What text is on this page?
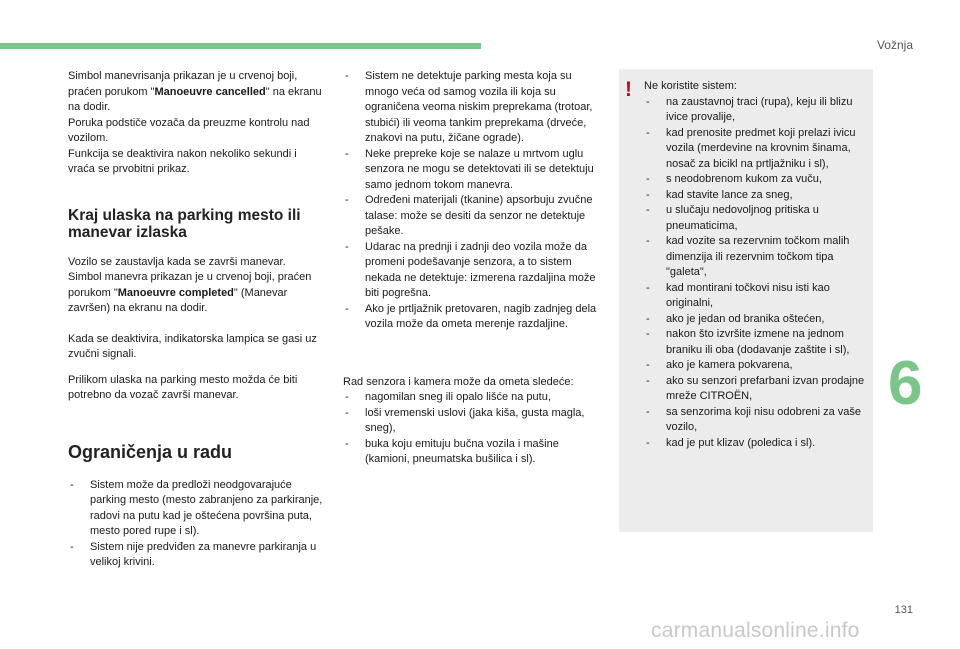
Vožnja
6

Simbol manevrisanja prikazan je u crvenoj boji, praćen porukom "Manoeuvre cancelled" na ekranu na dodir.

Poruka podstiče vozača da preuzme kontrolu nad vozilom.

Funkcija se deaktivira nakon nekoliko sekundi i vraća se prvobitni prikaz.

Kraj ulaska na parking mesto ili manevar izlaska

Vozilo se zaustavlja kada se završi manevar.

Simbol manevra prikazan je u crvenoj boji, praćen porukom "Manoeuvre completed" (Manevar završen) na ekranu na dodir.

Kada se deaktivira, indikatorska lampica se gasi uz zvučni signali.

Prilikom ulaska na parking mesto možda će biti potrebno da vozač završi manevar.

Ograničenja u radu
- Sistem može da predloži neodgovarajuće parking mesto (mesto zabranjeno za parkiranje, radovi na putu kad je oštećena površina puta, mesto pored rupe i sl).
- Sistem nije predviđen za manevre parkiranja u velikoj krivini.
- Sistem ne detektuje parking mesta koja su mnogo veća od samog vozila ili koja su ograničena veoma niskim preprekama (trotoar, stubići) ili veoma tankim preprekama (drveće, znakovi na putu, žičane ograde).
- Neke prepreke koje se nalaze u mrtvom uglu senzora ne mogu se detektovati ili se detektuju samo jednom tokom manevra.
- Određeni materijali (tkanine) apsorbuju zvučne talase: može se desiti da senzor ne detektuje pešake.
- Udarac na prednji i zadnji deo vozila može da promeni podešavanje senzora, a to sistem nekada ne detektuje: izmerena razdaljina može biti pogrešna.
- Ako je prtljažnik pretovaren, nagib zadnjeg dela vozila može da ometa merenje razdaljine.

Rad senzora i kamera može da ometa sledeće:

- nagomilan sneg ili opalo lišće na putu,
- loši vremenski uslovi (jaka kiša, gusta magla, sneg),
- buka koju emituju bučna vozila i mašine (kamioni, pneumatska bušilica i sl).
! Ne koristite sistem:

- na zaustavnoj traci (rupa), keju ili blizu ivice provalije,
- kad prenosite predmet koji prelazi ivicu vozila (merdevine na krovnim šinama, nosač za bicikl na prtljažniku i sl),
- s neodobrenom kukom za vuču,
- kad stavite lance za sneg,
- u slučaju nedovoljnog pritiska u pneumaticima,
- kad vozite sa rezervnim točkom malih dimenzija ili rezervnim točkom tipa "galeta",
- kad montirani točkovi nisu isti kao originalni,
- ako je jedan od branika oštećen,
- nakon što izvršite izmene na jednom braniku ili oba (dodavanje zaštite i sl),
- ako je kamera pokvarena,
- ako su senzori prefarbani izvan prodajne mreže CITROËN,
- sa senzorima koji nisu odobreni za vaše vozilo,
- kad je put klizav (poledica i sl).
131
carmanualsonline.info
